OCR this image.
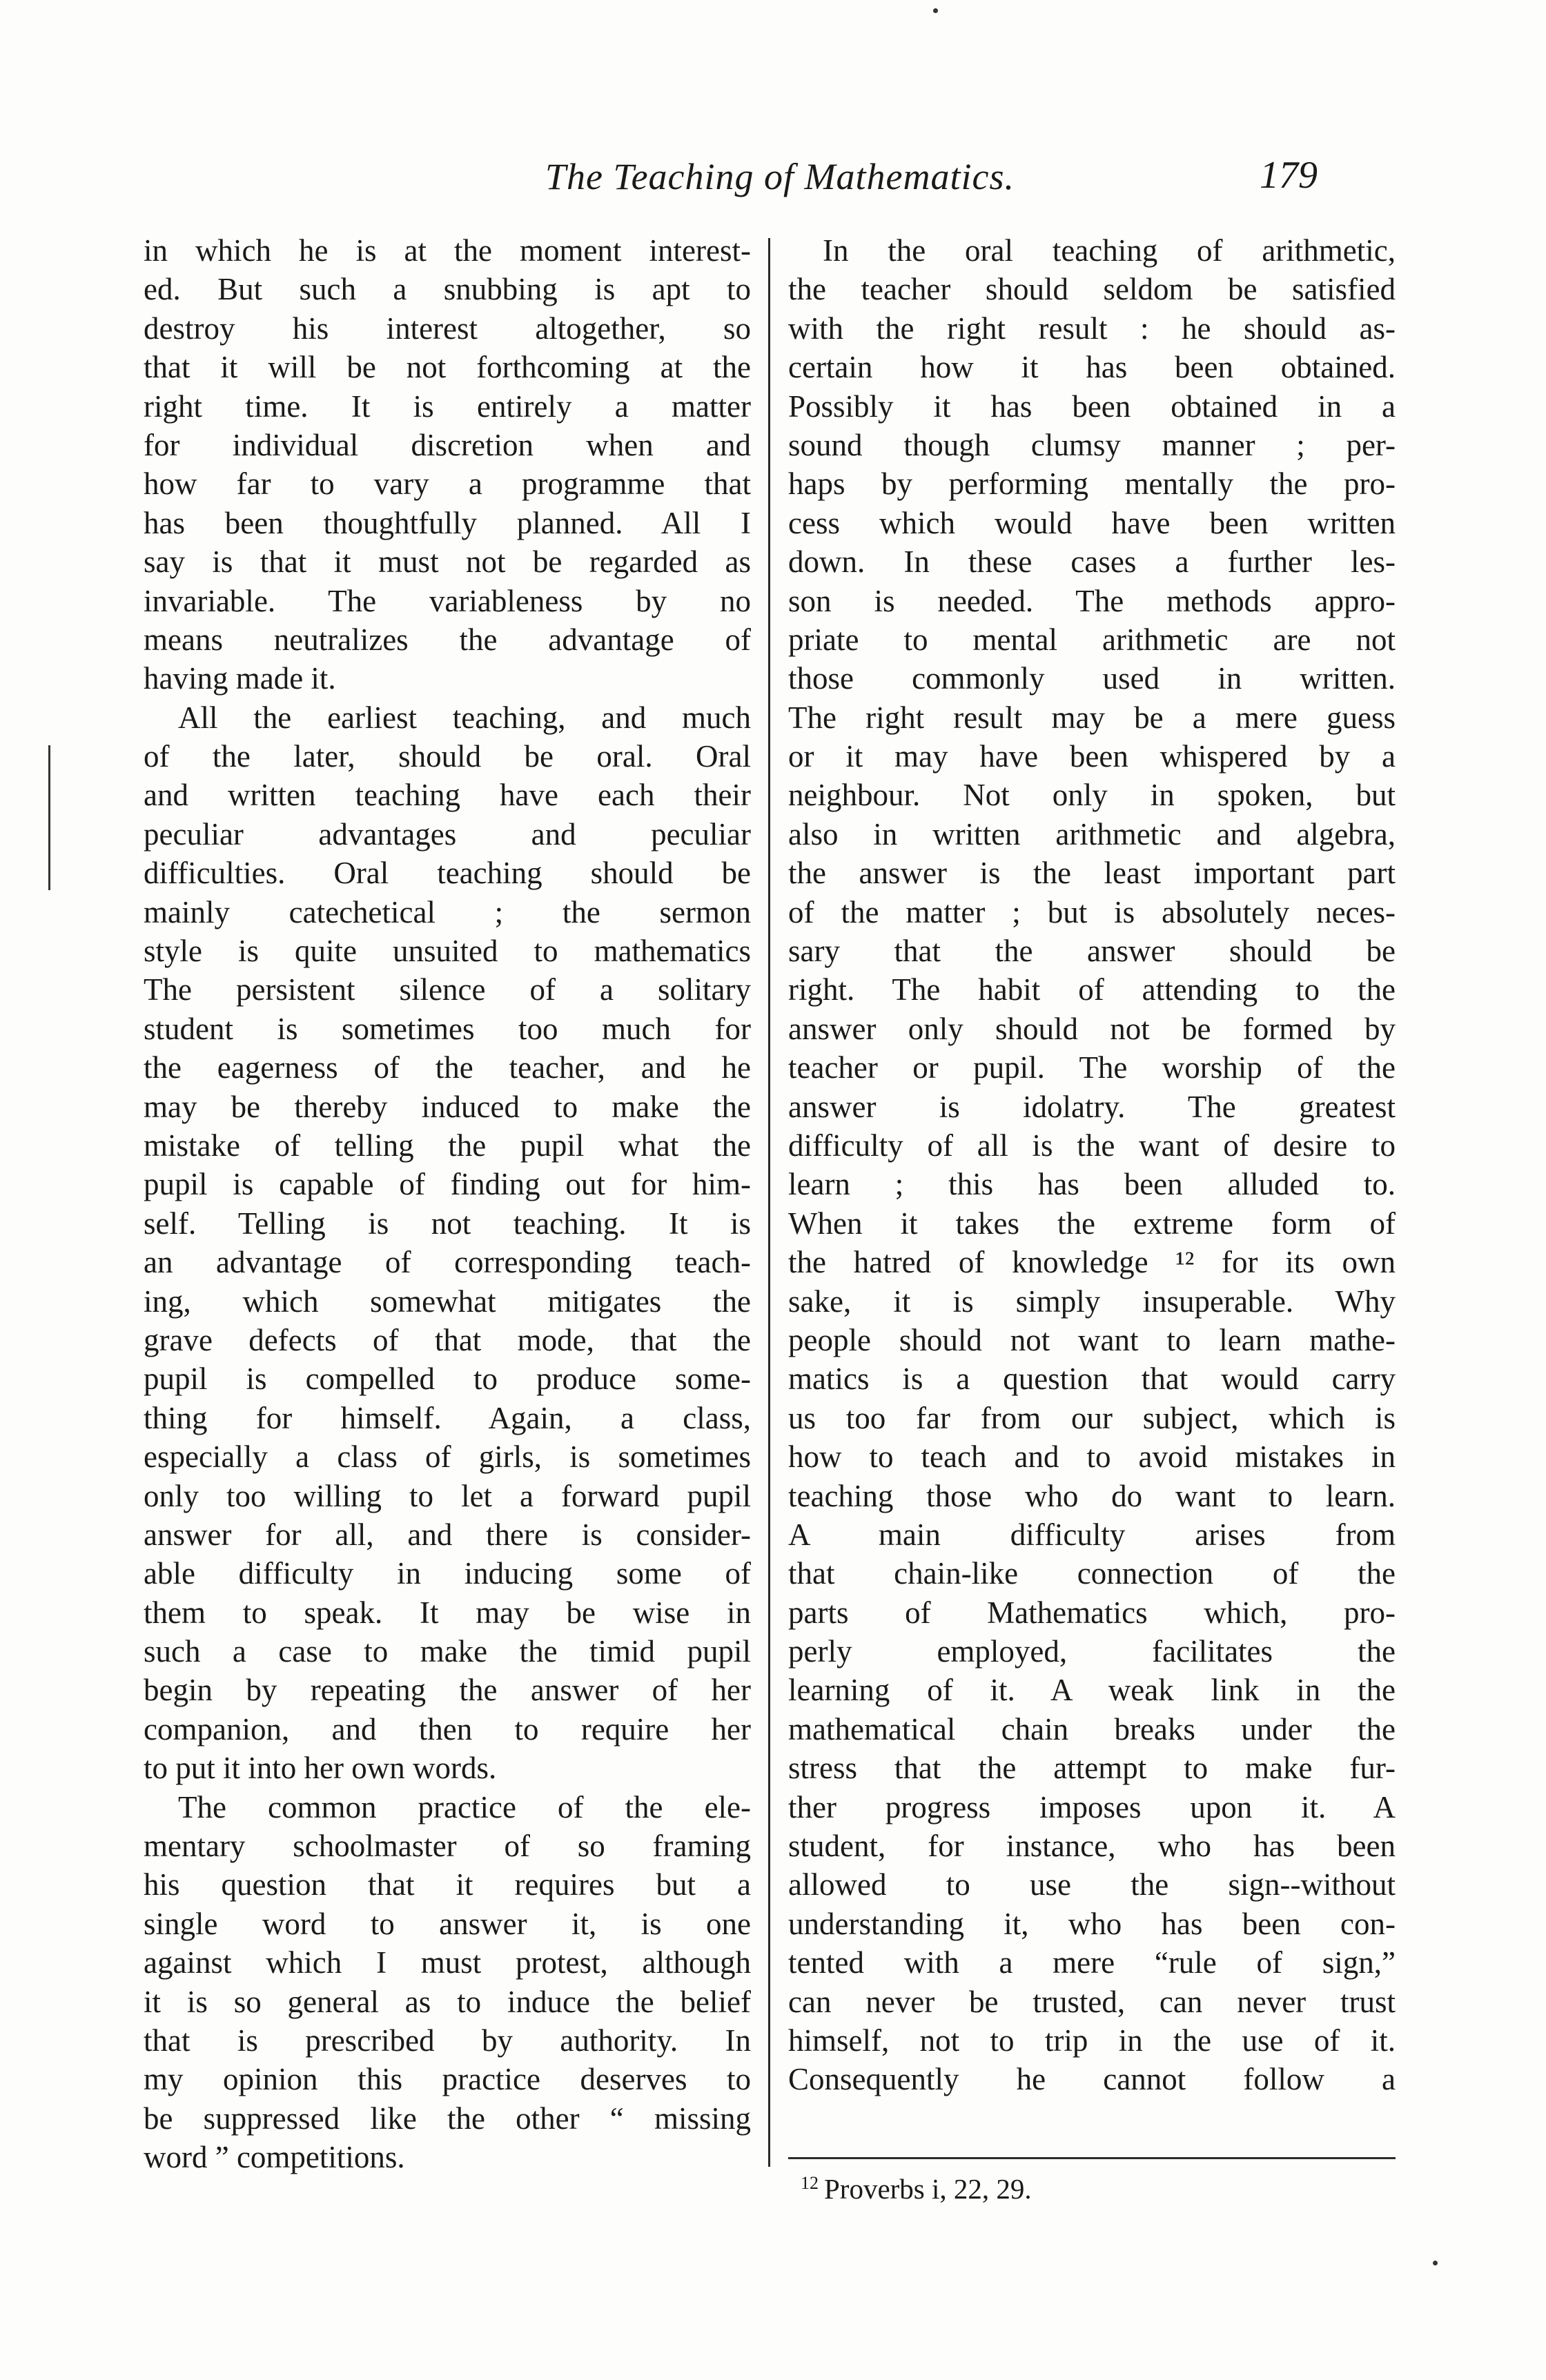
The Teaching of Mathematics.	179
in which he is at the moment interest-
ed. But such a snubbing is apt to
destroy his interest altogether, so
that it will be not forthcoming at the
right time. It is entirely a matter
for individual discretion when and
how far to vary a programme that
has been thoughtfully planned. All I
say is that it must not be regarded as
invariable. The variableness by no
means neutralizes the advantage of
having made it.
All the earliest teaching, and much
of the later, should be oral. Oral
and written teaching have each their
peculiar advantages and peculiar
difficulties. Oral teaching should be
mainly catechetical ; the sermon
style is quite unsuited to mathematics
The persistent silence of a solitary
student is sometimes too much for
the eagerness of the teacher, and he
may be thereby induced to make the
mistake of telling the pupil what the
pupil is capable of finding out for him-
self. Telling is not teaching. It is
an advantage of corresponding teach-
ing, which somewhat mitigates the
grave defects of that mode, that the
pupil is compelled to produce some-
thing for himself. Again, a class,
especially a class of girls, is sometimes
only too willing to let a forward pupil
answer for all, and there is consider-
able difficulty in inducing some of
them to speak. It may be wise in
such a case to make the timid pupil
begin by repeating the answer of her
companion, and then to require her
to put it into her own words.
The common practice of the ele-
mentary schoolmaster of so framing
his question that it requires but a
single word to answer it, is one
against which I must protest, although
it is so general as to induce the belief
that is prescribed by authority. In
my opinion this practice deserves to
be suppressed like the other “ missing
word ” competitions.
In the oral teaching of arithmetic,
the teacher should seldom be satisfied
with the right result : he should as-
certain how it has been obtained.
Possibly it has been obtained in a
sound though clumsy manner ; per-
haps by performing mentally the pro-
cess which would have been written
down. In these cases a further les-
son is needed. The methods appro-
priate to mental arithmetic are not
those commonly used in written.
The right result may be a mere guess
or it may have been whispered by a
neighbour. Not only in spoken, but
also in written arithmetic and algebra,
the answer is the least important part
of the matter ; but is absolutely neces-
sary that the answer should be
right. The habit of attending to the
answer only should not be formed by
teacher or pupil. The worship of the
answer is idolatry. The greatest
difficulty of all is the want of desire to
learn ; this has been alluded to.
When it takes the extreme form of
the hatred of knowledge ¹² for its own
sake, it is simply insuperable. Why
people should not want to learn mathe-
matics is a question that would carry
us too far from our subject, which is
how to teach and to avoid mistakes in
teaching those who do want to learn.
A main difficulty arises from
that chain-like connection of the
parts of Mathematics which, pro-
perly employed, facilitates the
learning of it. A weak link in the
mathematical chain breaks under the
stress that the attempt to make fur-
ther progress imposes upon it. A
student, for instance, who has been
allowed to use the sign--without
understanding it, who has been con-
tented with a mere “rule of sign,”
can never be trusted, can never trust
himself, not to trip in the use of it.
Consequently he cannot follow a
$^{12}$ Proverbs i, 22, 29.
